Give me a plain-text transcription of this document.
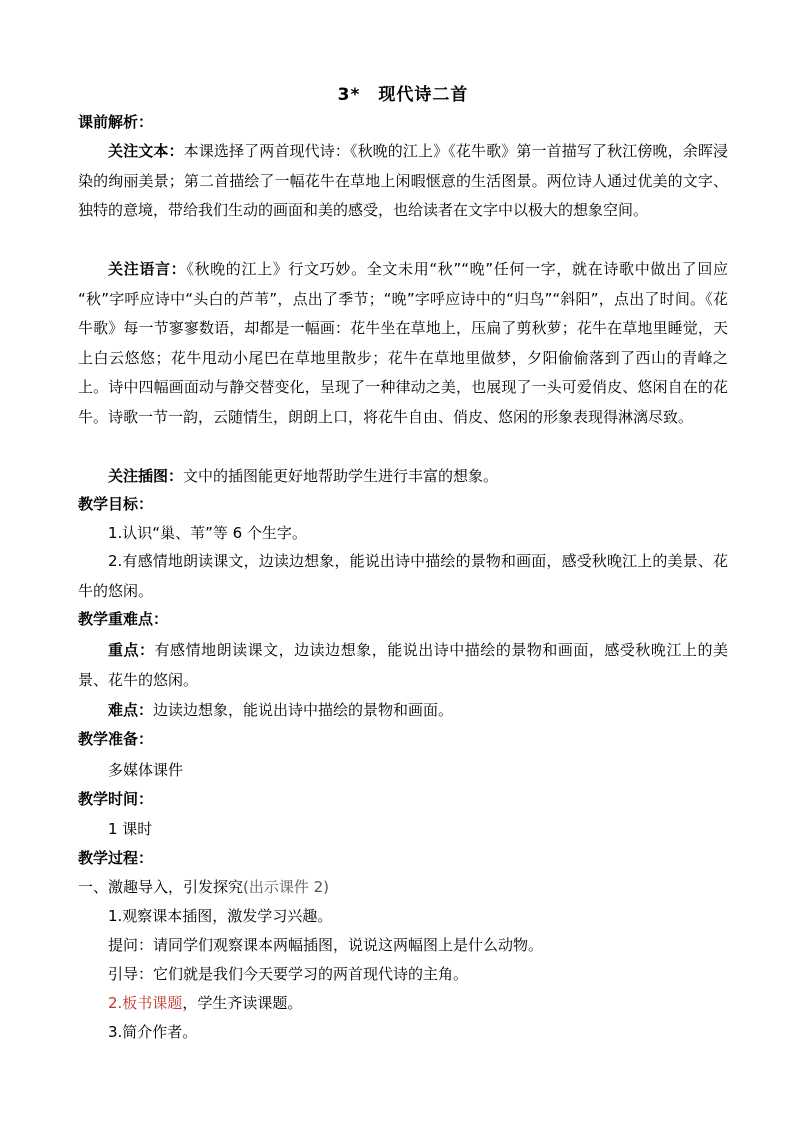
3*　现代诗二首
课前解析：
关注文本：本课选择了两首现代诗：《秋晚的江上》《花牛歌》第一首描写了秋江傍晚，余晖浸染的绚丽美景；第二首描绘了一幅花牛在草地上闲暇惬意的生活图景。两位诗人通过优美的文字、独特的意境，带给我们生动的画面和美的感受，也给读者在文字中以极大的想象空间。
关注语言：《秋晚的江上》行文巧妙。全文未用“秋”“晚”任何一字，就在诗歌中做出了回应 “秋”字呼应诗中“头白的芦苇”，点出了季节；“晚”字呼应诗中的“归鸟”“斜阳”，点出了时间。《花牛歌》每一节寥寥数语，却都是一幅画：花牛坐在草地上，压扁了剪秋萝；花牛在草地里睡觉，天上白云悠悠；花牛甩动小尾巴在草地里散步；花牛在草地里做梦，夕阳偷偷落到了西山的青峰之上。诗中四幅画面动与静交替变化，呈现了一种律动之美，也展现了一头可爱俏皮、悠闲自在的花牛。诗歌一节一韵，云随情生，朗朗上口，将花牛自由、俏皮、悠闲的形象表现得淋漓尽致。
关注插图：文中的插图能更好地帮助学生进行丰富的想象。
教学目标：
1.认识“巢、苇”等 6 个生字。
2.有感情地朗读课文，边读边想象，能说出诗中描绘的景物和画面，感受秋晚江上的美景、花牛的悠闲。
教学重难点：
重点：有感情地朗读课文，边读边想象，能说出诗中描绘的景物和画面，感受秋晚江上的美景、花牛的悠闲。
难点：边读边想象，能说出诗中描绘的景物和画面。
教学准备：
多媒体课件
教学时间：
1 课时
教学过程：
一、激趣导入，引发探究(出示课件 2)
1.观察课本插图，激发学习兴趣。
提问：请同学们观察课本两幅插图，说说这两幅图上是什么动物。
引导：它们就是我们今天要学习的两首现代诗的主角。
2.板书课题，学生齐读课题。
3.简介作者。
